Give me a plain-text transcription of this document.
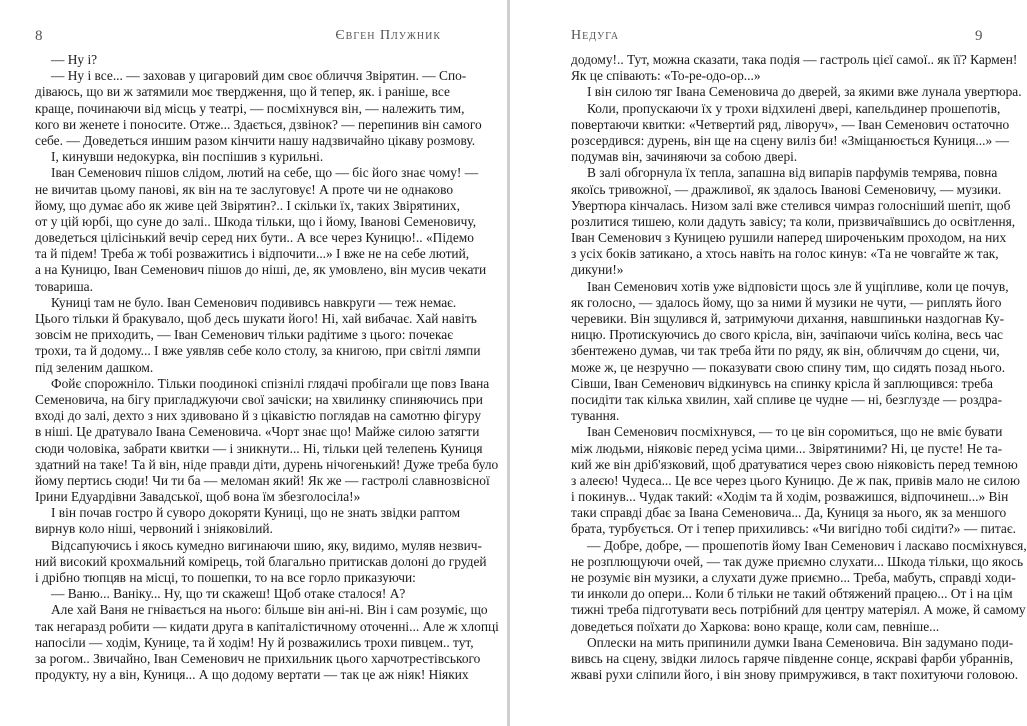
8	Євген Плужник
— Ну і?
— Ну і все... — заховав у цигаровий дим своє обличчя Звірятин. — Спо-
діваюсь, що ви ж затямили моє твердження, що й тепер, як. і раніше, все
краще, починаючи від місць у театрі, — посміхнувся він, — належить тим,
кого ви женете і поносите. Отже... Здається, дзвінок? — перепинив він самого
себе. — Доведеться иншим разом кінчити нашу надзвичайно цікаву розмову.
І, кинувши недокурка, він поспішив з курильні.
Іван Семенович пішов слідом, лютий на себе, що — біс його знає чому! —
не вичитав цьому панові, як він на те заслуговує! А проте чи не однаково
йому, що думає або як живе цей Звірятин?.. І скільки їх, таких Звірятиних,
от у цій юрбі, що суне до залі.. Шкода тільки, що і йому, Іванові Семеновичу,
доведеться цілісінький вечір серед них бути.. А все через Куницю!.. «Підемо
та й підем! Треба ж тобі розважитись і відпочити...» І вже не на себе лютий,
а на Куницю, Іван Семенович пішов до ніші, де, як умовлено, він мусив чекати
товариша.
Куниці там не було. Іван Семенович подививсь навкруги — теж немає.
Цього тільки й бракувало, щоб десь шукати його! Ні, хай вибачає. Хай навіть
зовсім не приходить, — Іван Семенович тільки радітиме з цього: почекає
трохи, та й додому... І вже уявляв себе коло столу, за книгою, при світлі лямпи
під зеленим дашком.
Фойє спорожніло. Тільки поодинокі спізнілі глядачі пробігали ще повз Івана
Семеновича, на бігу пригладжуючи свої зачіски; на хвилинку спиняючись при
вході до залі, дехто з них здивовано й з цікавістю поглядав на самотню фігуру
в ніші. Це дратувало Івана Семеновича. «Чорт знає що! Майже силою затягти
сюди чоловіка, забрати квитки — і зникнути... Ні, тільки цей телепень Куниця
здатний на таке! Та й він, ніде правди діти, дурень нічогенький! Дуже треба було
йому пертись сюди! Чи ти ба — меломан який! Як же — гастролі славнозвісної
Ірини Едуардівни Завадської, щоб вона їм збезголосіла!»
І він почав гостро й суворо докоряти Куниці, що не знать звідки раптом
вирнув коло ніші, червоний і зніяковілий.
Відсапуючись і якось кумедно вигинаючи шию, яку, видимо, муляв незвич-
ний високий крохмальний комірець, той благально притискав долоні до грудей
і дрібно тюпцяв на місці, то пошепки, то на все горло приказуючи:
— Ваню... Ваніку... Ну, що ти скажеш! Щоб отаке сталося! А?
Але хай Ваня не гнівається на нього: більше він ані-ні. Він і сам розуміє, що
так негаразд робити — кидати друга в капіталістичному оточенні... Але ж хлопці
напосіли — ходім, Кунице, та й ходім! Ну й розважились трохи пивцем.. тут,
за рогом.. Звичайно, Іван Семенович не прихильник цього харчотрестівського
продукту, ну а він, Куниця... А що додому вертати — так це аж ніяк! Ніяких
Недуга	9
додому!.. Тут, можна сказати, така подія — гастроль цієї самої.. як її? Кармен!
Як це співають: «То-ре-одо-ор...»
І він силою тяг Івана Семеновича до дверей, за якими вже лунала увертюра.
Коли, пропускаючи їх у трохи відхилені двері, капельдинер прошепотів,
повертаючи квитки: «Четвертий ряд, ліворуч», — Іван Семенович остаточно
розсердився: дурень, він ще на сцену виліз би! «Зміщанюється Куниця...» —
подумав він, зачиняючи за собою двері.
В залі обгорнула їх тепла, запашна від випарів парфумів темрява, повна
якоїсь тривожної, — дражливої, як здалось Іванові Семеновичу, — музики.
Увертюра кінчалась. Низом залі вже стелився чимраз голосніший шепіт, щоб
розлитися тишею, коли дадуть завісу; та коли, призвичаївшись до освітлення,
Іван Семенович з Куницею рушили наперед широченьким проходом, на них
з усіх боків затикано, а хтось навіть на голос кинув: «Та не човгайте ж так,
дикуни!»
Іван Семенович хотів уже відповісти щось зле й ущіпливе, коли це почув,
як голосно, — здалось йому, що за ними й музики не чути, — риплять його
черевики. Він зщулився й, затримуючи дихання, навшпиньки наздогнав Ку-
ницю. Протискуючись до свого крісла, він, зачіпаючи чиїсь коліна, весь час
збентежено думав, чи так треба йти по ряду, як він, обличчям до сцени, чи,
може ж, це незручно — показувати свою спину тим, що сидять позад нього.
Сівши, Іван Семенович відкинувсь на спинку крісла й заплющився: треба
посидіти так кілька хвилин, хай спливе це чудне — ні, безглузде — роздра-
тування.
Іван Семенович посміхнувся, — то це він соромиться, що не вміє бувати
між людьми, ніяковіє перед усіма цими... Звірятиними? Ні, це пусте! Не та-
кий же він дріб'язковий, щоб дратуватися через свою ніяковість перед темною
з алеєю! Чудеса... Це все через цього Куницю. Де ж пак, привів мало не силою
і покинув... Чудак такий: «Ходім та й ходім, розважишся, відпочинеш...» Він
таки справді дбає за Івана Семеновича... Да, Куниця за нього, як за меншого
брата, турбується. От і тепер прихиливсь: «Чи вигідно тобі сидіти?» — питає.
— Добре, добре, — прошепотів йому Іван Семенович і ласкаво посміхнувся,
не розплющуючи очей, — так дуже приємно слухати... Шкода тільки, що якось
не розуміє він музики, а слухати дуже приємно... Треба, мабуть, справді ходи-
ти инколи до опери... Коли б тільки не такий обтяжений працею... От і на цім
тижні треба підготувати весь потрібний для центру матеріял. А може, й самому
доведеться поїхати до Харкова: воно краще, коли сам, певніше...
Оплески на мить припинили думки Івана Семеновича. Він задумано поди-
вивсь на сцену, звідки лилось гаряче південне сонце, яскраві фарби убраннів,
жваві рухи сліпили його, і він знову примружився, в такт похитуючи головою.
